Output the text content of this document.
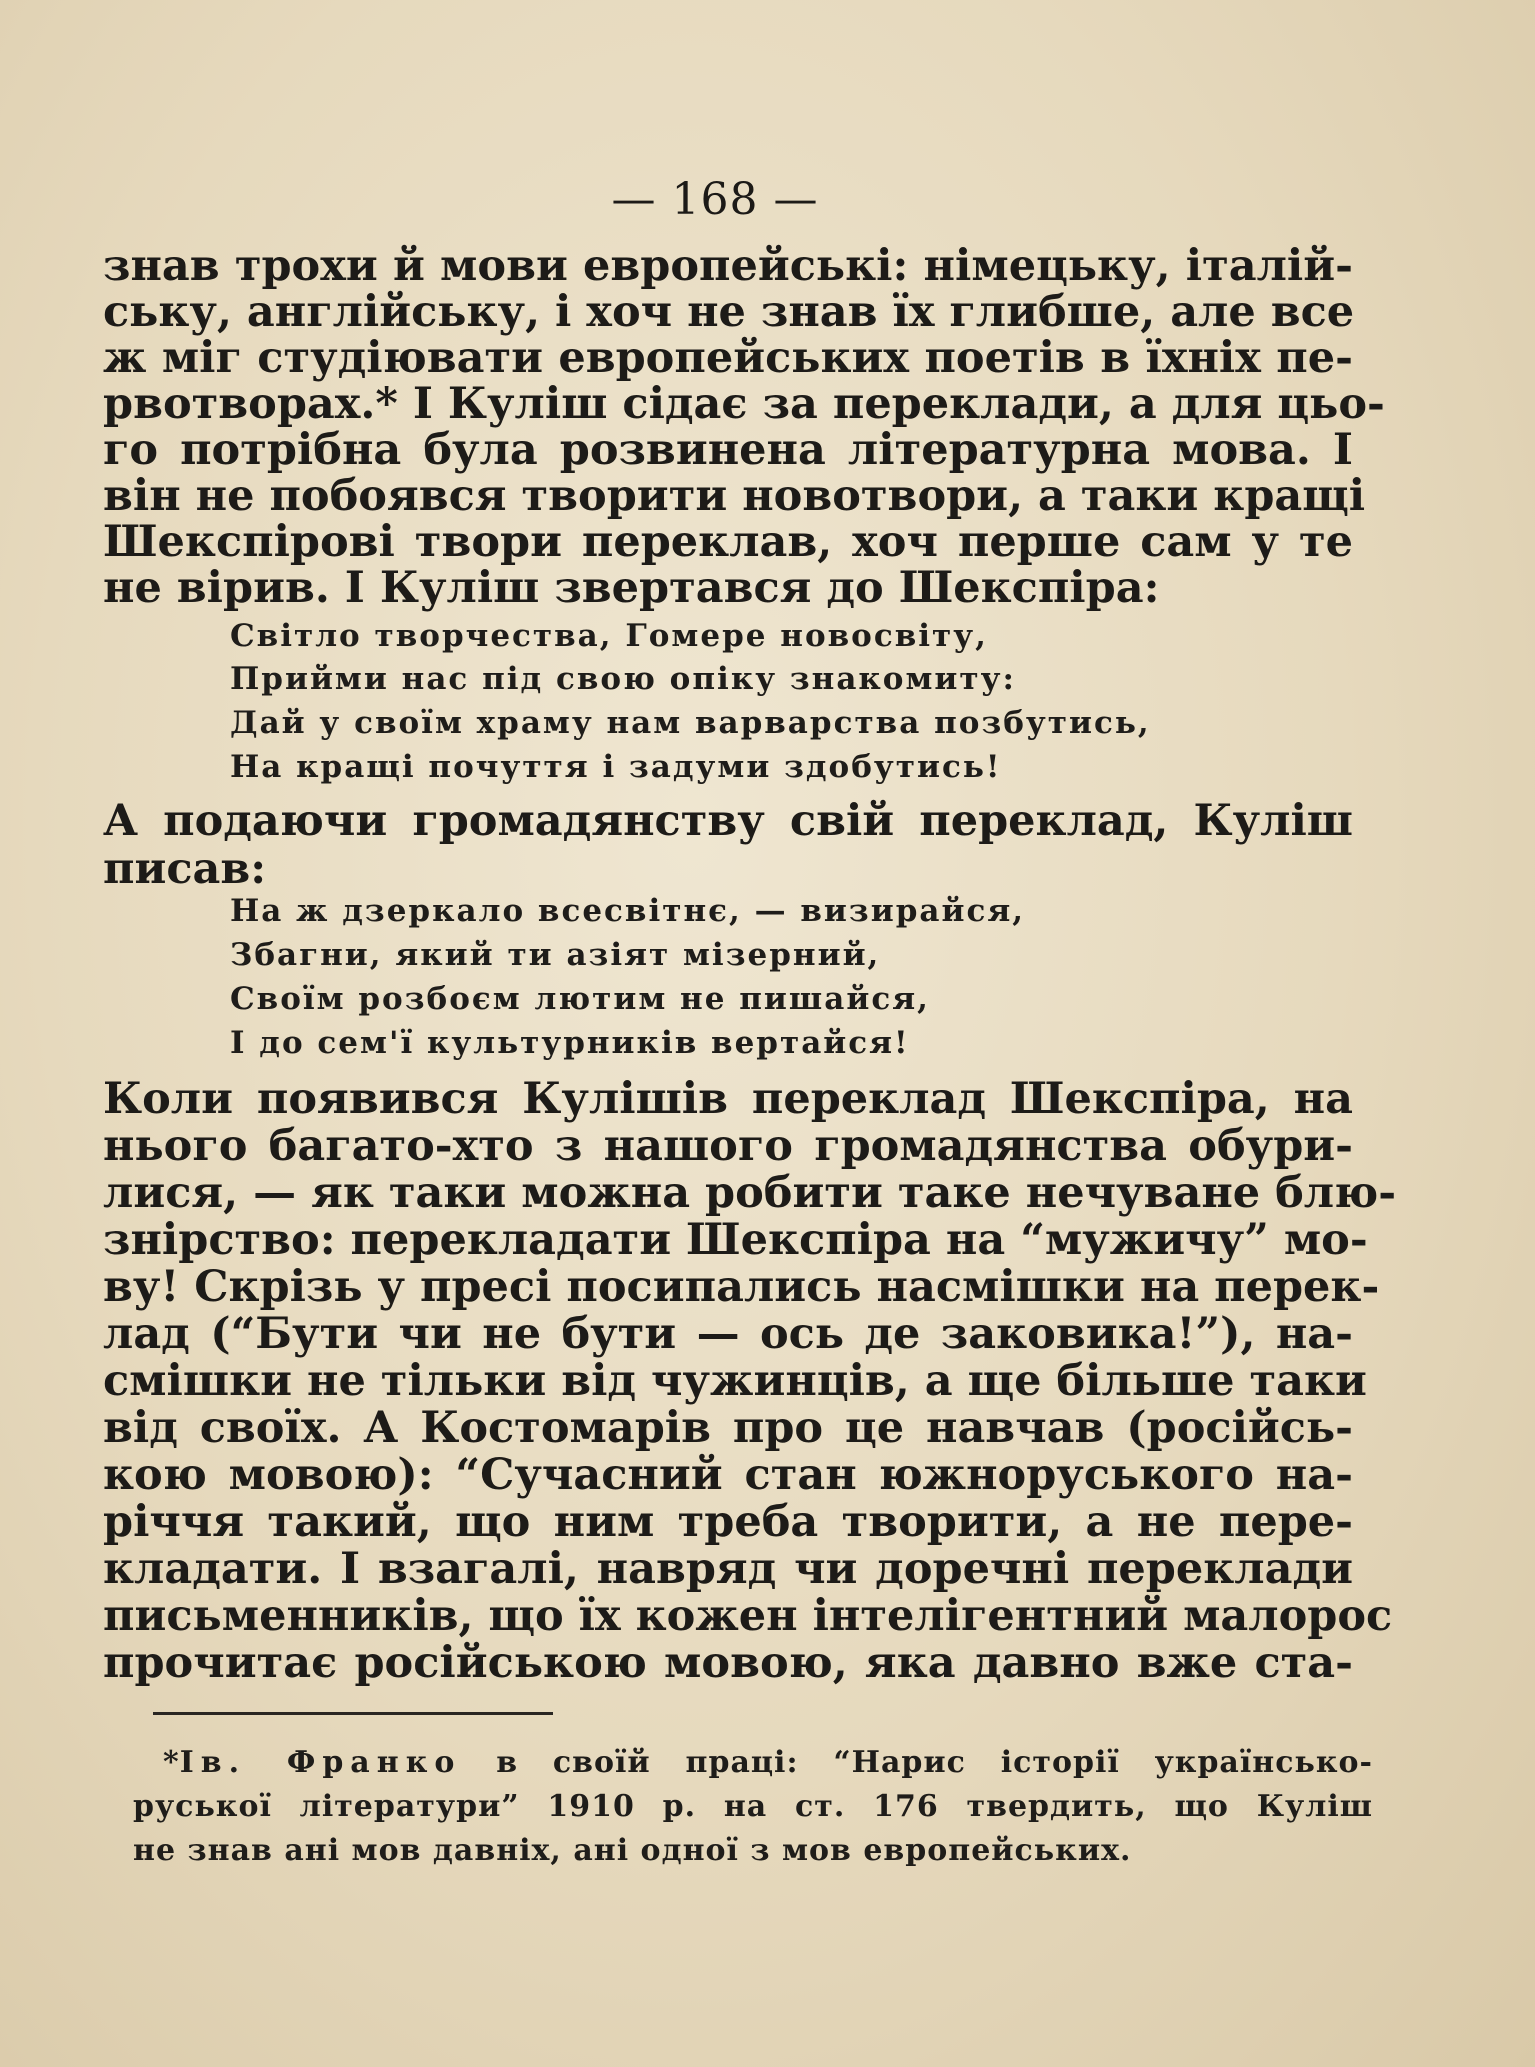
— 168 —
знав трохи й мови европейські: німецьку, італій-
ську, англійську, і хоч не знав їх глибше, але все
ж міг студіювати европейських поетів в їхніх пе-
рвотворах.* І Куліш сідає за переклади, а для цьо-
го потрібна була розвинена літературна мова. І
він не побоявся творити новотвори, а таки кращі
Шекспірові твори переклав, хоч перше сам у те
не вірив. І Куліш звертався до Шекспіра:
Світло творчества, Гомере новосвіту,
Прийми нас під свою опіку знакомиту:
Дай у своїм храму нам варварства позбутись,
На кращі почуття і задуми здобутись!
А подаючи громадянству свій переклад, Куліш
писав:
На ж дзеркало всесвітнє, — визирайся,
Збагни, який ти азіят мізерний,
Своїм розбоєм лютим не пишайся,
І до сем'ї культурників вертайся!
Коли появився Кулішів переклад Шекспіра, на
нього багато-хто з нашого громадянства обури-
лися, — як таки можна робити таке нечуване блю-
знірство: перекладати Шекспіра на “мужичу” мо-
ву! Скрізь у пресі посипались насмішки на перек-
лад (“Бути чи не бути — ось де заковика!”), на-
смішки не тільки від чужинців, а ще більше таки
від своїх. А Костомарів про це навчав (російсь-
кою мовою): “Сучасний стан южноруського на-
річчя такий, що ним треба творити, а не пере-
кладати. І взагалі, навряд чи доречні переклади
письменників, що їх кожен інтелігентний малорос
прочитає російською мовою, яка давно вже ста-
*Ів. Франко в своїй праці: “Нарис історії українсько-
руської літератури” 1910 р. на ст. 176 твердить, що Куліш
не знав ані мов давніх, ані одної з мов европейських.
